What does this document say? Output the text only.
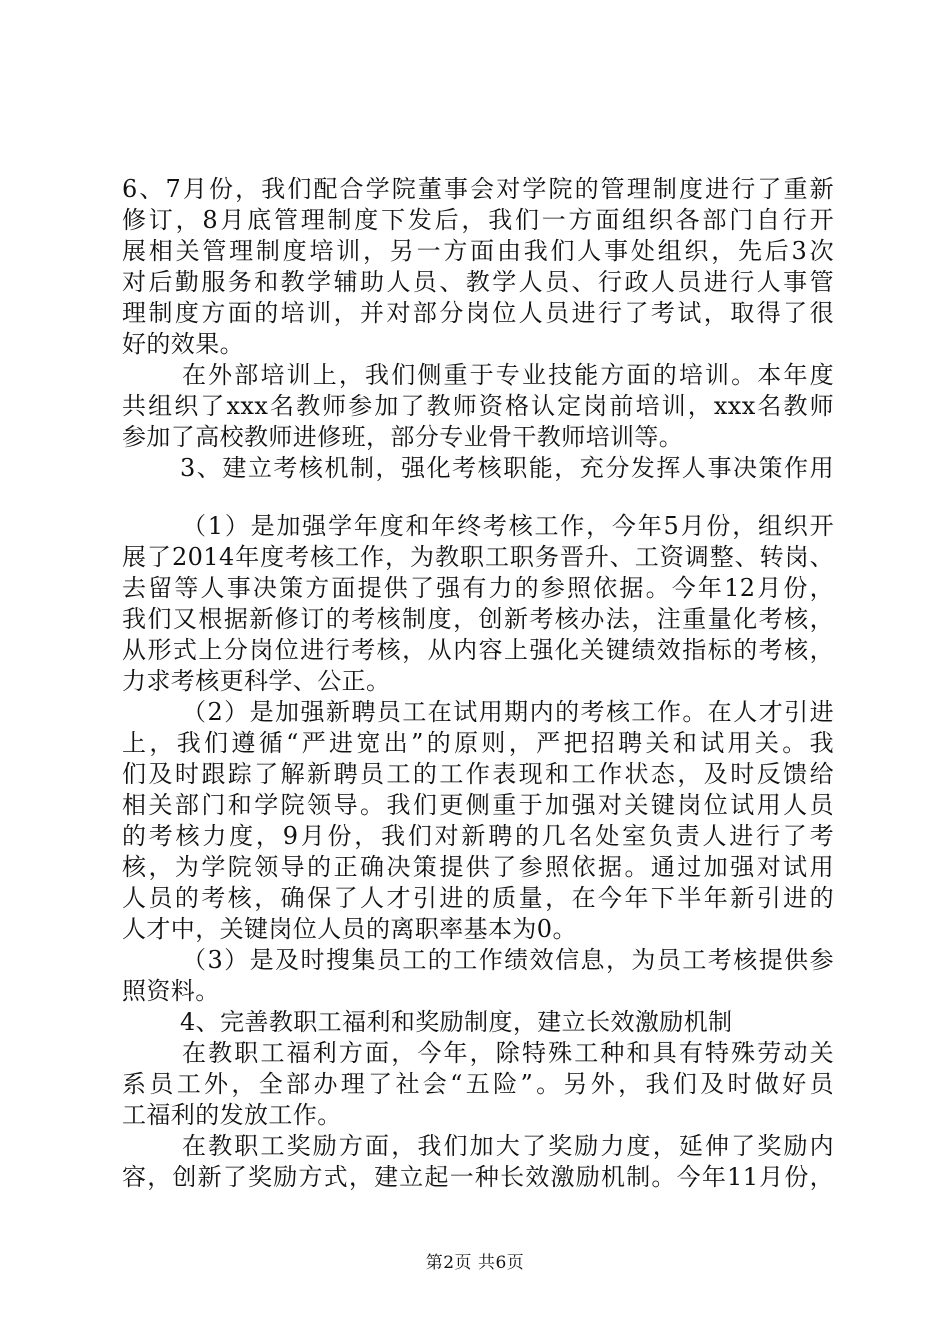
6、7月份，我们配合学院董事会对学院的管理制度进行了重新
修订，8月底管理制度下发后，我们一方面组织各部门自行开
展相关管理制度培训，另一方面由我们人事处组织，先后3次
对后勤服务和教学辅助人员、教学人员、行政人员进行人事管
理制度方面的培训，并对部分岗位人员进行了考试，取得了很
好的效果。
在外部培训上，我们侧重于专业技能方面的培训。本年度
共组织了xxx名教师参加了教师资格认定岗前培训，xxx名教师
参加了高校教师进修班，部分专业骨干教师培训等。
3、建立考核机制，强化考核职能，充分发挥人事决策作用
（1）是加强学年度和年终考核工作，今年5月份，组织开
展了2014年度考核工作，为教职工职务晋升、工资调整、转岗、
去留等人事决策方面提供了强有力的参照依据。今年12月份，
我们又根据新修订的考核制度，创新考核办法，注重量化考核，
从形式上分岗位进行考核，从内容上强化关键绩效指标的考核，
力求考核更科学、公正。
（2）是加强新聘员工在试用期内的考核工作。在人才引进
上，我们遵循“严进宽出”的原则，严把招聘关和试用关。我
们及时跟踪了解新聘员工的工作表现和工作状态，及时反馈给
相关部门和学院领导。我们更侧重于加强对关键岗位试用人员
的考核力度，9月份，我们对新聘的几名处室负责人进行了考
核，为学院领导的正确决策提供了参照依据。通过加强对试用
人员的考核，确保了人才引进的质量，在今年下半年新引进的
人才中，关键岗位人员的离职率基本为0。
（3）是及时搜集员工的工作绩效信息，为员工考核提供参
照资料。
4、完善教职工福利和奖励制度，建立长效激励机制
在教职工福利方面，今年，除特殊工种和具有特殊劳动关
系员工外，全部办理了社会“五险”。另外，我们及时做好员
工福利的发放工作。
在教职工奖励方面，我们加大了奖励力度，延伸了奖励内
容，创新了奖励方式，建立起一种长效激励机制。今年11月份，
第2页 共6页
